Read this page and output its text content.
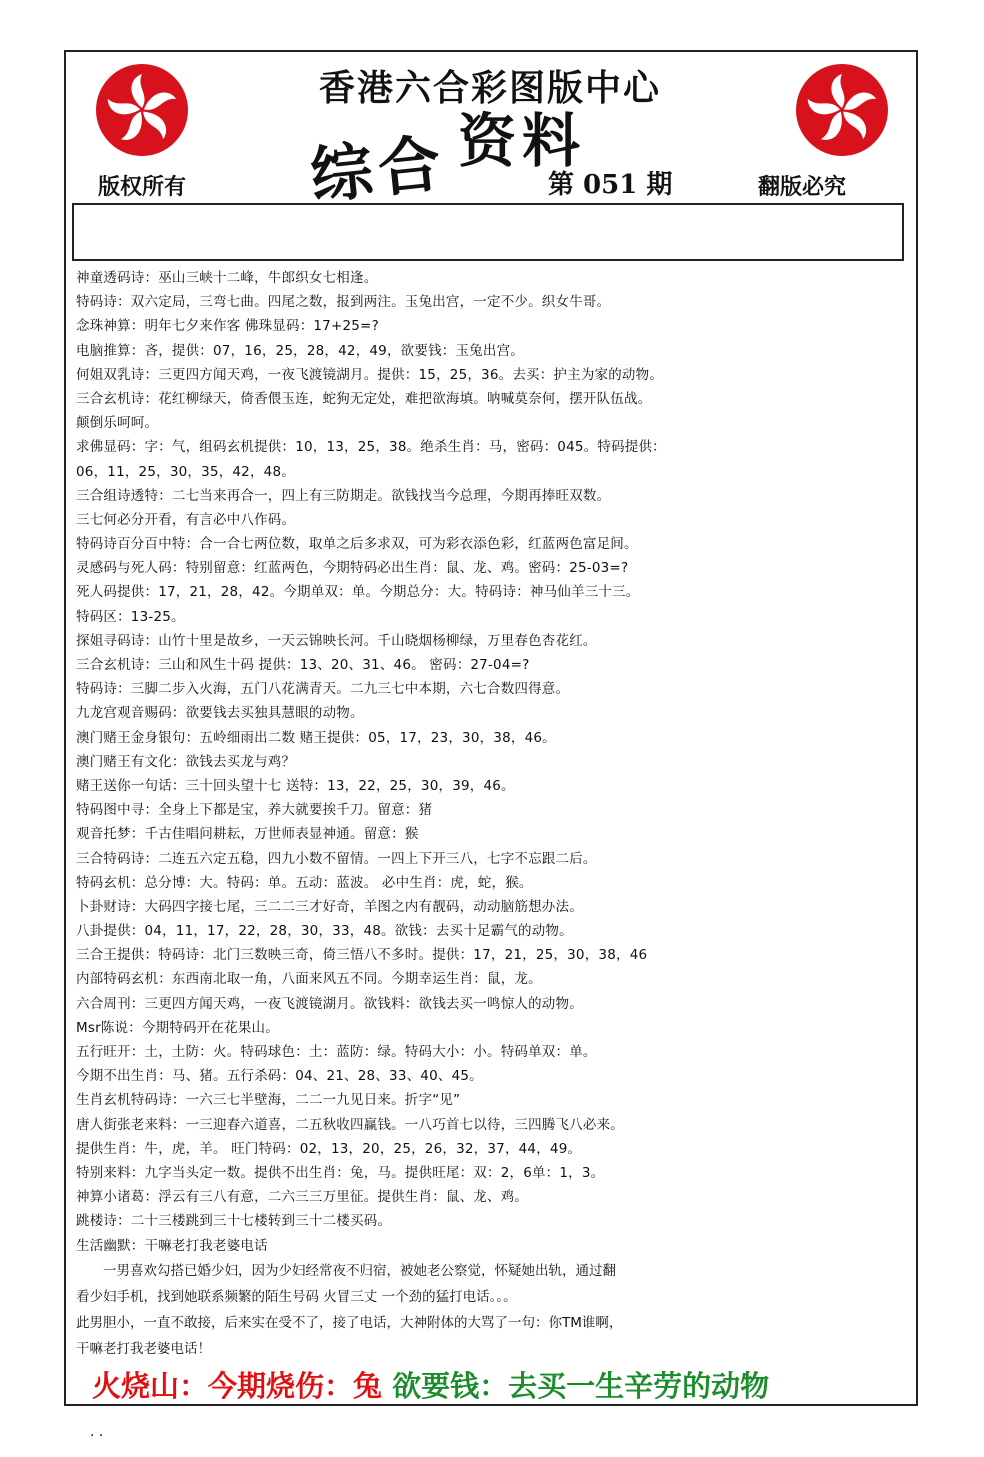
香港六合彩图版中心
综合 资料
第 051 期
版权所有	翻版必究
神童透码诗：巫山三峡十二峰，牛郎织女七相逢。
特码诗：双六定局，三弯七曲。四尾之数，报到两注。玉兔出宫，一定不少。织女牛哥。
念珠神算：明年七夕来作客 佛珠显码：17+25=?
电脑推算：吝，提供：07，16，25，28，42，49，欲要钱：玉兔出宫。
何姐双乳诗：三更四方闻天鸡，一夜飞渡镜湖月。提供：15，25，36。去买：护主为家的动物。
三合玄机诗：花红柳绿天，倚香偎玉连，蛇狗无定处，难把欲海填。呐喊莫奈何，摆开队伍战。
颠倒乐呵呵。
求佛显码：字：气，组码玄机提供：10，13，25，38。绝杀生肖：马，密码：045。特码提供：
06，11，25，30，35，42，48。
三合组诗透特：二七当来再合一，四上有三防期走。欲钱找当今总理，今期再捧旺双数。
三七何必分开看，有言必中八作码。
特码诗百分百中特：合一合七两位数，取单之后多求双，可为彩衣添色彩，红蓝两色富足间。
灵感码与死人码：特别留意：红蓝两色，今期特码必出生肖：鼠、龙、鸡。密码：25-03=?
死人码提供：17，21，28，42。今期单双：单。今期总分：大。特码诗：神马仙羊三十三。
特码区：13-25。
探姐寻码诗：山竹十里是故乡，一天云锦映长河。千山晓烟杨柳绿，万里春色杏花红。
三合玄机诗：三山和风生十码 提供：13、20、31、46。 密码：27-04=?
特码诗：三脚二步入火海，五门八花满青天。二九三七中本期，六七合数四得意。
九龙宫观音赐码：欲要钱去买独具慧眼的动物。
澳门赌王金身银句：五岭细雨出二数 赌王提供：05，17，23，30，38，46。
澳门赌王有文化：欲钱去买龙与鸡？
赌王送你一句话：三十回头望十七 送特：13，22，25，30，39，46。
特码图中寻：全身上下都是宝，养大就要挨千刀。留意：猪
观音托梦：千古佳唱问耕耘，万世师表显神通。留意：猴
三合特码诗：二连五六定五稳，四九小数不留情。一四上下开三八，七字不忘跟二后。
特码玄机：总分博：大。特码：单。五动：蓝波。 必中生肖：虎，蛇，猴。
卜卦财诗：大码四字接七尾，三二二三才好奇，羊图之内有靓码，动动脑筋想办法。
八卦提供：04，11，17，22，28，30，33，48。欲钱：去买十足霸气的动物。
三合王提供：特码诗：北门三数映三奇，倚三悟八不多时。提供：17，21，25，30，38，46
内部特码玄机：东西南北取一角，八面来风五不同。今期幸运生肖：鼠，龙。
六合周刊：三更四方闻天鸡，一夜飞渡镜湖月。欲钱料：欲钱去买一鸣惊人的动物。
Msr陈说：今期特码开在花果山。
五行旺开：土，土防：火。特码球色：土：蓝防：绿。特码大小：小。特码单双：单。
今期不出生肖：马、猪。五行杀码：04、21、28、33、40、45。
生肖玄机特码诗：一六三七半壁海，二二一九见日来。折字“见”
唐人街张老来料：一三迎春六道喜，二五秋收四赢钱。一八巧首七以待，三四腾飞八必来。
提供生肖：牛，虎，羊。 旺门特码：02，13，20，25，26，32，37，44，49。
特别来料：九字当头定一数。提供不出生肖：兔，马。提供旺尾：双：2，6单：1，3。
神算小诸葛：浮云有三八有意，二六三三万里征。提供生肖：鼠、龙、鸡。
跳楼诗：二十三楼跳到三十七楼转到三十二楼买码。
生活幽默：干嘛老打我老婆电话
　　一男喜欢勾搭已婚少妇，因为少妇经常夜不归宿，被她老公察觉，怀疑她出轨，通过翻
看少妇手机，找到她联系频繁的陌生号码 火冒三丈 一个劲的猛打电话。。。
此男胆小，一直不敢接，后来实在受不了，接了电话，大神附体的大骂了一句：你TM谁啊，
干嘛老打我老婆电话！
火烧山：今期烧伤：兔 欲要钱：去买一生辛劳的动物
. .
